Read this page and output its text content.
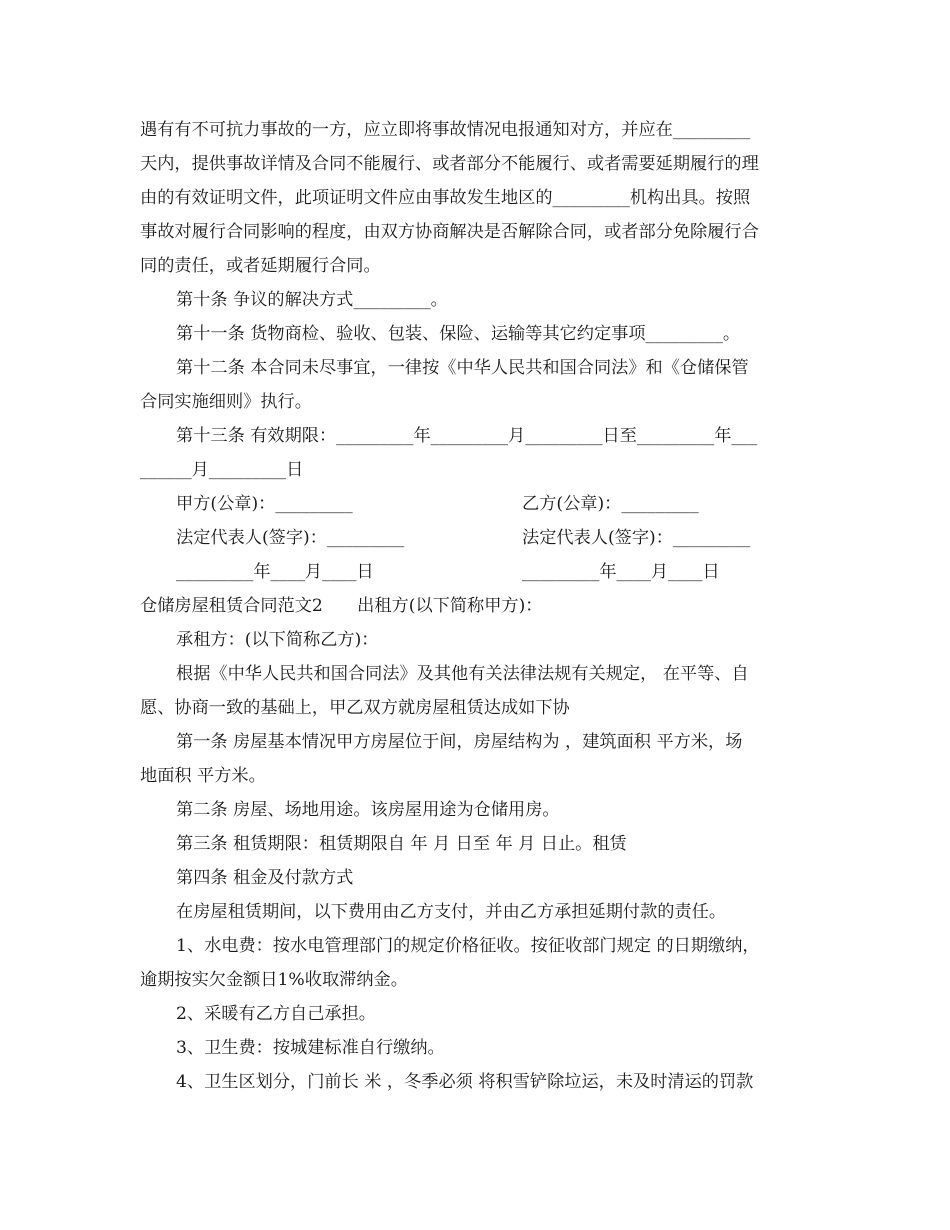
遇有有不可抗力事故的一方，应立即将事故情况电报通知对方，并应在_________
天内，提供事故详情及合同不能履行、或者部分不能履行、或者需要延期履行的理
由的有效证明文件，此项证明文件应由事故发生地区的_________机构出具。按照
事故对履行合同影响的程度，由双方协商解决是否解除合同，或者部分免除履行合
同的责任，或者延期履行合同。
第十条 争议的解决方式_________。
第十一条 货物商检、验收、包装、保险、运输等其它约定事项_________。
第十二条 本合同未尽事宜，一律按《中华人民共和国合同法》和《仓储保管
合同实施细则》执行。
第十三条 有效期限：_________年_________月_________日至_________年___
______月_________日
甲方(公章)：_________	乙方(公章)：_________
法定代表人(签字)：_________	法定代表人(签字)：_________
_________年____月____日	_________年____月____日
仓储房屋租赁合同范文2　　出租方(以下简称甲方)：
承租方：(以下简称乙方)：
根据《中华人民共和国合同法》及其他有关法律法规有关规定， 在平等、自
愿、协商一致的基础上，甲乙双方就房屋租赁达成如下协
第一条 房屋基本情况甲方房屋位于间，房屋结构为 ，建筑面积 平方米，场
地面积 平方米。
第二条 房屋、场地用途。该房屋用途为仓储用房。
第三条 租赁期限：租赁期限自 年 月 日至 年 月 日止。租赁
第四条 租金及付款方式
在房屋租赁期间，以下费用由乙方支付，并由乙方承担延期付款的责任。
1、水电费：按水电管理部门的规定价格征收。按征收部门规定 的日期缴纳，
逾期按实欠金额日1%收取滞纳金。
2、采暖有乙方自己承担。
3、卫生费：按城建标准自行缴纳。
4、卫生区划分，门前长 米 ，冬季必须 将积雪铲除垃运，未及时清运的罚款
